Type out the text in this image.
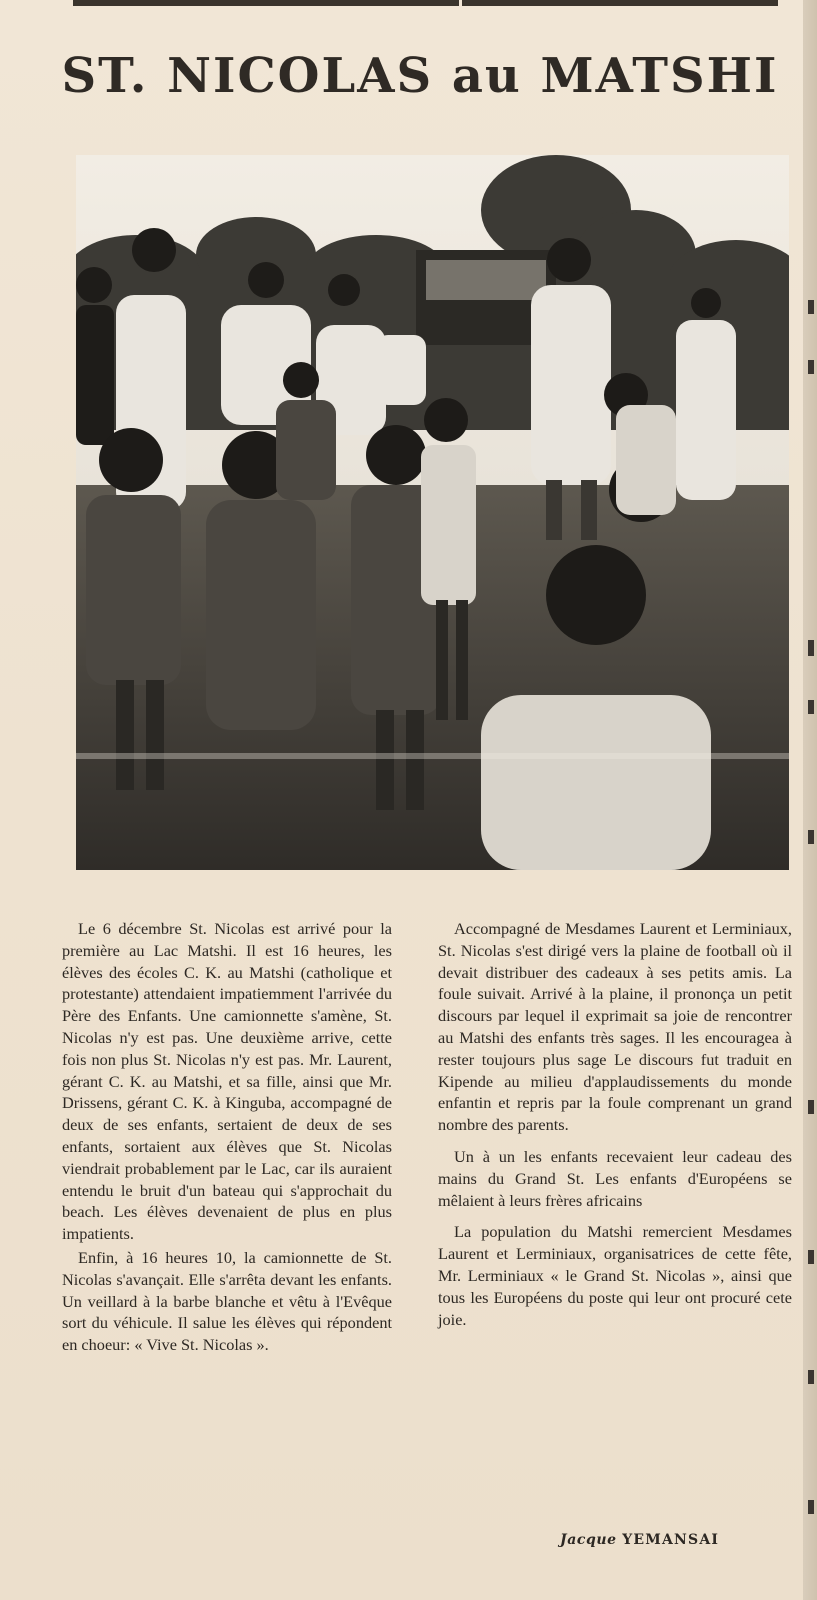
ST. NICOLAS au MATSHI

Le 6 décembre St. Nicolas est arrivé pour la première au Lac Matshi. Il est 16 heures, les élèves des écoles C. K. au Matshi (catholique et protestante) attendaient impatiemment l'arrivée du Père des Enfants. Une camionnette s'amène, St. Nicolas n'y est pas. Une deuxième arrive, cette fois non plus St. Nicolas n'y est pas. Mr. Laurent, gérant C. K. au Matshi, et sa fille, ainsi que Mr. Drissens, gérant C. K. à Kinguba, accompagné de deux de ses enfants, sertaient de deux de ses enfants, sortaient aux élèves que St. Nicolas viendrait probablement par le Lac, car ils auraient entendu le bruit d'un bateau qui s'approchait du beach. Les élèves devenaient de plus en plus impatients.

Enfin, à 16 heures 10, la camionnette de St. Nicolas s'avançait. Elle s'arrêta devant les enfants. Un veillard à la barbe blanche et vêtu à l'Evêque sort du véhicule. Il salue les élèves qui répondent en choeur: « Vive St. Nicolas ».

Accompagné de Mesdames Laurent et Lerminiaux, St. Nicolas s'est dirigé vers la plaine de football où il devait distribuer des cadeaux à ses petits amis. La foule suivait. Arrivé à la plaine, il prononça un petit discours par lequel il exprimait sa joie de rencontrer au Matshi des enfants très sages. Il les encouragea à rester toujours plus sage Le discours fut traduit en Kipende au milieu d'applaudissements du monde enfantin et repris par la foule comprenant un grand nombre des parents.

Un à un les enfants recevaient leur cadeau des mains du Grand St. Les enfants d'Européens se mêlaient à leurs frères africains

La population du Matshi remercient Mesdames Laurent et Lerminiaux, organisatrices de cette fête, Mr. Lerminiaux « le Grand St. Nicolas », ainsi que tous les Européens du poste qui leur ont procuré cete joie.

Jacque YEMANSAI
